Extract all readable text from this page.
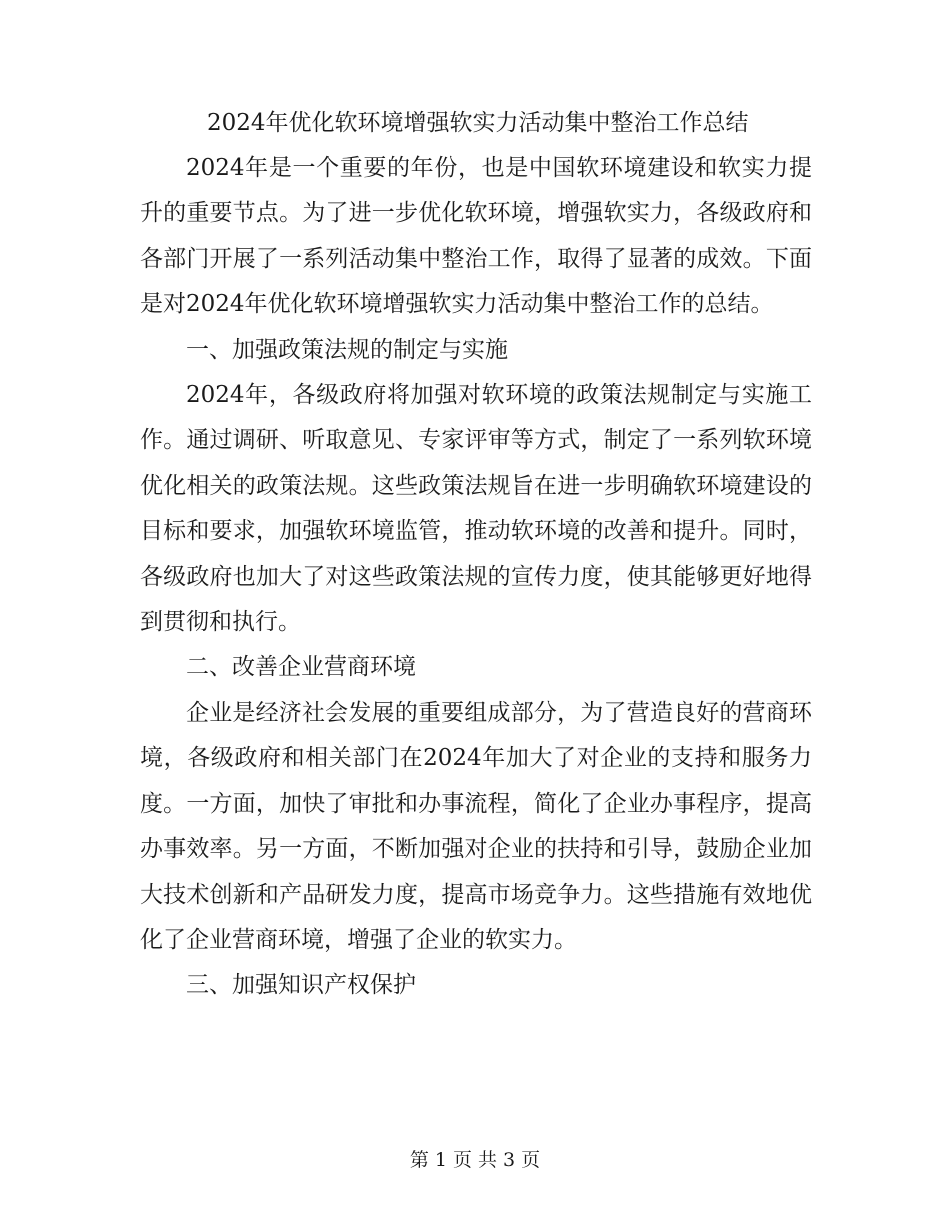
2024年优化软环境增强软实力活动集中整治工作总结

2024年是一个重要的年份，也是中国软环境建设和软实力提升的重要节点。为了进一步优化软环境，增强软实力，各级政府和各部门开展了一系列活动集中整治工作，取得了显著的成效。下面是对2024年优化软环境增强软实力活动集中整治工作的总结。

一、加强政策法规的制定与实施

2024年，各级政府将加强对软环境的政策法规制定与实施工作。通过调研、听取意见、专家评审等方式，制定了一系列软环境优化相关的政策法规。这些政策法规旨在进一步明确软环境建设的目标和要求，加强软环境监管，推动软环境的改善和提升。同时，各级政府也加大了对这些政策法规的宣传力度，使其能够更好地得到贯彻和执行。

二、改善企业营商环境

企业是经济社会发展的重要组成部分，为了营造良好的营商环境，各级政府和相关部门在2024年加大了对企业的支持和服务力度。一方面，加快了审批和办事流程，简化了企业办事程序，提高办事效率。另一方面，不断加强对企业的扶持和引导，鼓励企业加大技术创新和产品研发力度，提高市场竞争力。这些措施有效地优化了企业营商环境，增强了企业的软实力。

三、加强知识产权保护

第 1 页 共 3 页
